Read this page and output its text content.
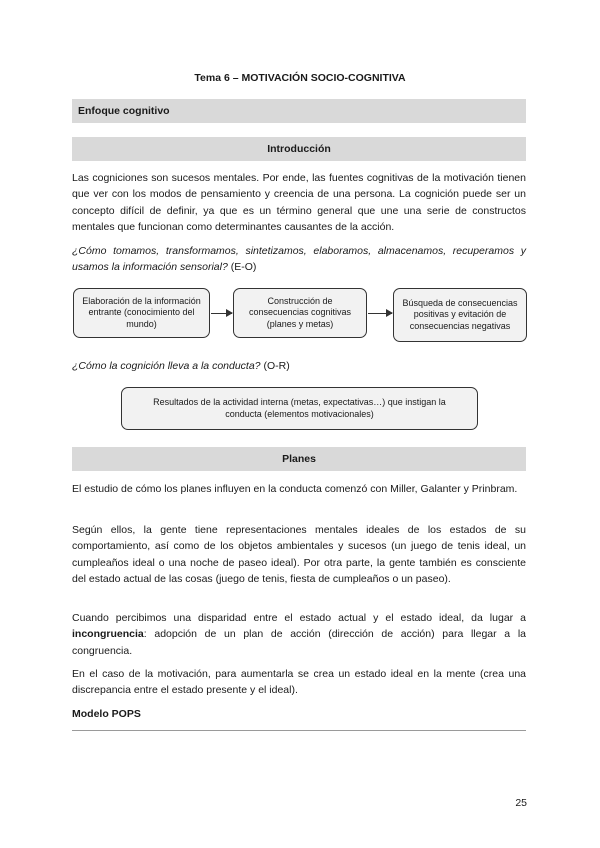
Tema 6 – MOTIVACIÓN SOCIO-COGNITIVA
Enfoque cognitivo
Introducción

Las cogniciones son sucesos mentales. Por ende, las fuentes cognitivas de la motivación tienen que ver con los modos de pensamiento y creencia de una persona. La cognición puede ser un concepto difícil de definir, ya que es un término general que une una serie de constructos mentales que funcionan como determinantes causantes de la acción.

¿Cómo tomamos, transformamos, sintetizamos, elaboramos, almacenamos, recuperamos y usamos la información sensorial? (E-O)

Elaboración de la información entrante (conocimiento del mundo)
Construcción de consecuencias cognitivas (planes y metas)
Búsqueda de consecuencias positivas y evitación de consecuencias negativas

¿Cómo la cognición lleva a la conducta? (O-R)

Resultados de la actividad interna (metas, expectativas…) que instigan la conducta (elementos motivacionales)
Planes

El estudio de cómo los planes influyen en la conducta comenzó con Miller, Galanter y Prinbram.

Según ellos, la gente tiene representaciones mentales ideales de los estados de su comportamiento, así como de los objetos ambientales y sucesos (un juego de tenis ideal, un cumpleaños ideal o una noche de paseo ideal). Por otra parte, la gente también es consciente del estado actual de las cosas (juego de tenis, fiesta de cumpleaños o un paseo).

Cuando percibimos una disparidad entre el estado actual y el estado ideal, da lugar a incongruencia: adopción de un plan de acción (dirección de acción) para llegar a la congruencia.

En el caso de la motivación, para aumentarla se crea un estado ideal en la mente (crea una discrepancia entre el estado presente y el ideal).

Modelo POPS
25
